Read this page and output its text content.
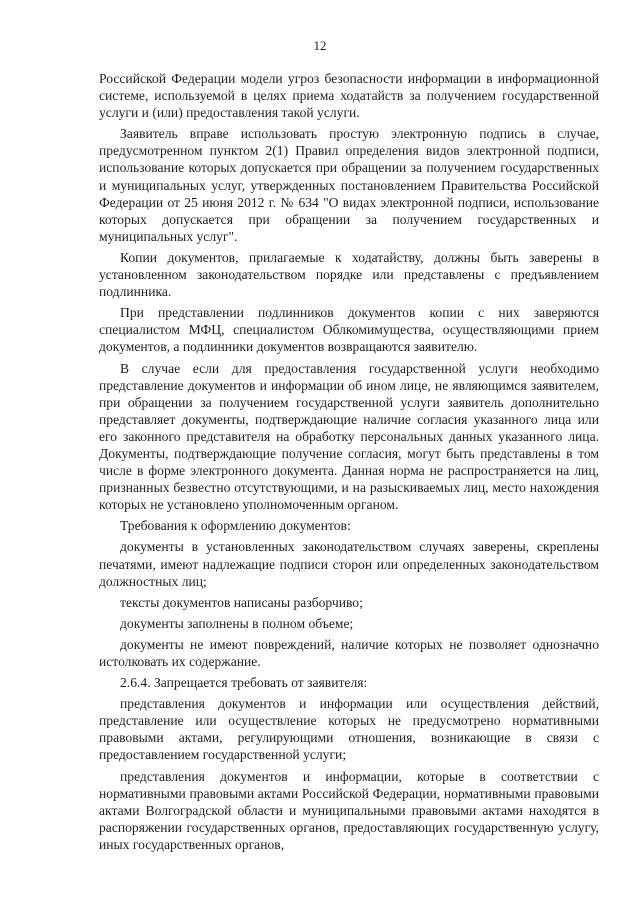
12

Российской Федерации модели угроз безопасности информации в информационной системе, используемой в целях приема ходатайств за получением государственной услуги и (или) предоставления такой услуги.

Заявитель вправе использовать простую электронную подпись в случае, предусмотренном пунктом 2(1) Правил определения видов электронной подписи, использование которых допускается при обращении за получением государственных и муниципальных услуг, утвержденных постановлением Правительства Российской Федерации от 25 июня 2012 г. № 634 "О видах электронной подписи, использование которых допускается при обращении за получением государственных и муниципальных услуг".

Копии документов, прилагаемые к ходатайству, должны быть заверены в установленном законодательством порядке или представлены с предъявлением подлинника.

При представлении подлинников документов копии с них заверяются специалистом МФЦ, специалистом Облкомимущества, осуществляющими прием документов, а подлинники документов возвращаются заявителю.

В случае если для предоставления государственной услуги необходимо представление документов и информации об ином лице, не являющимся заявителем, при обращении за получением государственной услуги заявитель дополнительно представляет документы, подтверждающие наличие согласия указанного лица или его законного представителя на обработку персональных данных указанного лица. Документы, подтверждающие получение согласия, могут быть представлены в том числе в форме электронного документа. Данная норма не распространяется на лиц, признанных безвестно отсутствующими, и на разыскиваемых лиц, место нахождения которых не установлено уполномоченным органом.

Требования к оформлению документов:

документы в установленных законодательством случаях заверены, скреплены печатями, имеют надлежащие подписи сторон или определенных законодательством должностных лиц;

тексты документов написаны разборчиво;

документы заполнены в полном объеме;

документы не имеют повреждений, наличие которых не позволяет однозначно истолковать их содержание.

2.6.4. Запрещается требовать от заявителя:

представления документов и информации или осуществления действий, представление или осуществление которых не предусмотрено нормативными правовыми актами, регулирующими отношения, возникающие в связи с предоставлением государственной услуги;

представления документов и информации, которые в соответствии с нормативными правовыми актами Российской Федерации, нормативными правовыми актами Волгоградской области и муниципальными правовыми актами находятся в распоряжении государственных органов, предоставляющих государственную услугу, иных государственных органов,
